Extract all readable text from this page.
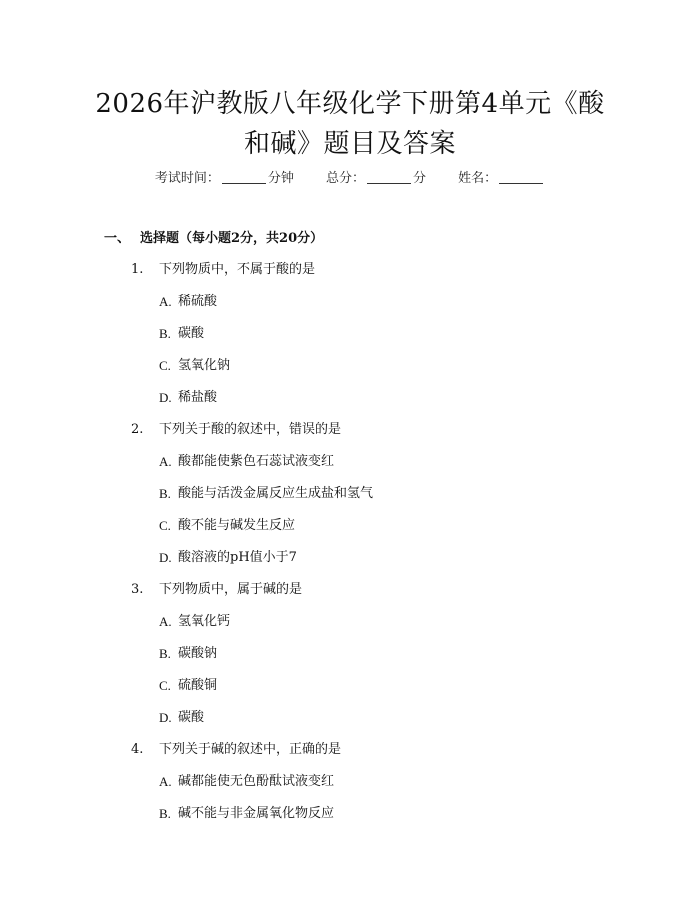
2026年沪教版八年级化学下册第4单元《酸
和碱》题目及答案
考试时间：	分钟 总分：	分 姓名：
一、 选择题（每小题2分，共20分）
1. 下列物质中，不属于酸的是
A. 稀硫酸
B. 碳酸
C. 氢氧化钠
D. 稀盐酸
2. 下列关于酸的叙述中，错误的是
A. 酸都能使紫色石蕊试液变红
B. 酸能与活泼金属反应生成盐和氢气
C. 酸不能与碱发生反应
D. 酸溶液的pH值小于7
3. 下列物质中，属于碱的是
A. 氢氧化钙
B. 碳酸钠
C. 硫酸铜
D. 碳酸
4. 下列关于碱的叙述中，正确的是
A. 碱都能使无色酚酞试液变红
B. 碱不能与非金属氧化物反应
